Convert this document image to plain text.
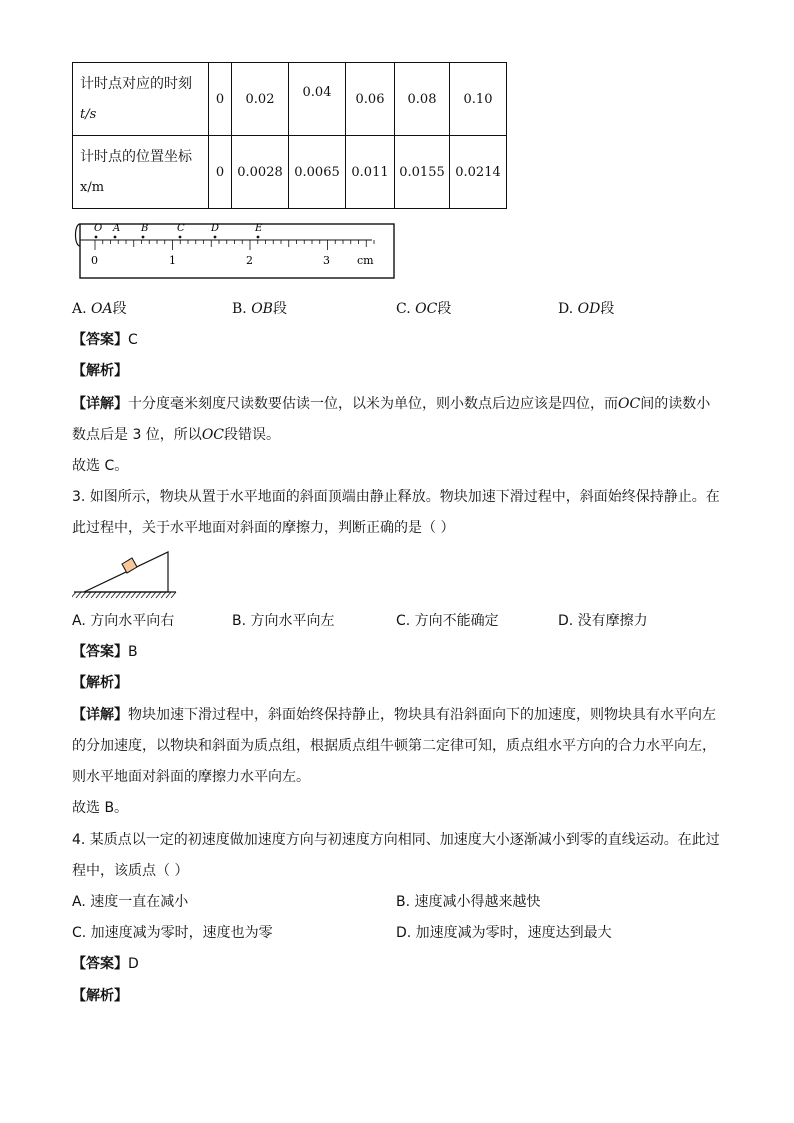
计时点对应的时刻
t/s	0	0.02	0.04	0.06	0.08	0.10
计时点的位置坐标
x/m	0	0.0028	0.0065	0.011	0.0155	0.0214
O A B	C	D	E
0	1	2	3 cm
A. OA段	B. OB段	C. OC段	D. OD段
【答案】C
【解析】
【详解】十分度毫米刻度尺读数要估读一位，以米为单位，则小数点后边应该是四位，而OC间的读数小
数点后是 3 位，所以OC段错误。
故选 C。
3. 如图所示，物块从置于水平地面的斜面顶端由静止释放。物块加速下滑过程中，斜面始终保持静止。在
此过程中，关于水平地面对斜面的摩擦力，判断正确的是（ ）
A. 方向水平向右	B. 方向水平向左	C. 方向不能确定	D. 没有摩擦力
【答案】B
【解析】
【详解】物块加速下滑过程中，斜面始终保持静止，物块具有沿斜面向下的加速度，则物块具有水平向左
的分加速度，以物块和斜面为质点组，根据质点组牛顿第二定律可知，质点组水平方向的合力水平向左，
则水平地面对斜面的摩擦力水平向左。
故选 B。
4. 某质点以一定的初速度做加速度方向与初速度方向相同、加速度大小逐渐减小到零的直线运动。在此过
程中，该质点（ ）
A. 速度一直在减小	B. 速度减小得越来越快
C. 加速度减为零时，速度也为零	D. 加速度减为零时，速度达到最大
【答案】D
【解析】
